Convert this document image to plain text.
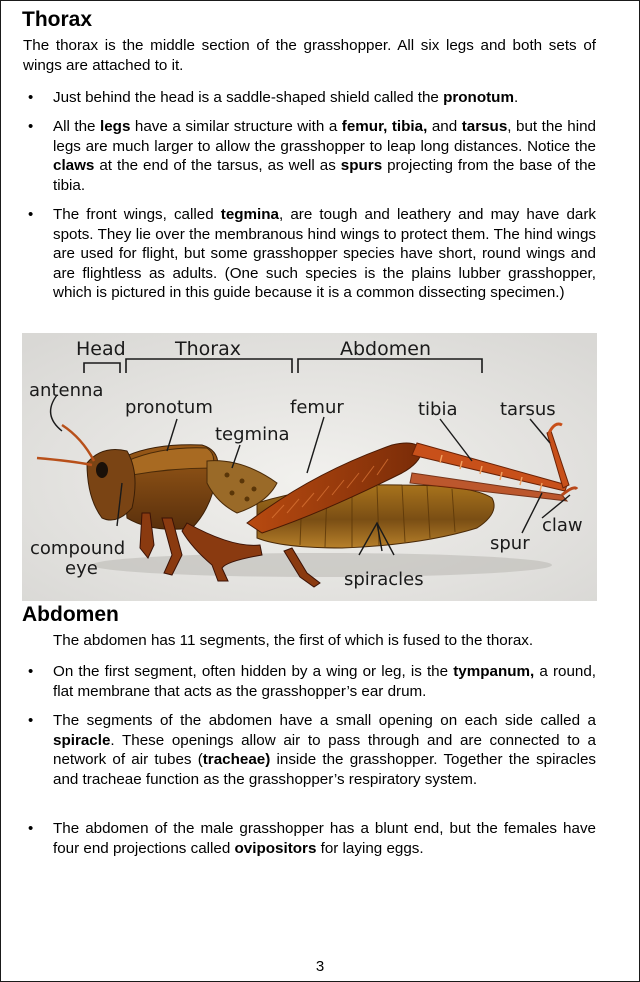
Thorax

The thorax is the middle section of the grasshopper. All six legs and both sets of wings are attached to it.

• Just behind the head is a saddle-shaped shield called the pronotum.

• All the legs have a similar structure with a femur, tibia, and tarsus, but the hind legs are much larger to allow the grasshopper to leap long distances. Notice the claws at the end of the tarsus, as well as spurs projecting from the base of the tibia.

• The front wings, called tegmina, are tough and leathery and may have dark spots. They lie over the membranous hind wings to protect them. The hind wings are used for flight, but some grasshopper species have short, round wings and are flightless as adults. (One such species is the plains lubber grasshopper, which is pictured in this guide because it is a common dissecting specimen.)

Head	Thorax	Abdomen
antenna
pronotum
tegmina
femur	tibia tarsus
compound
eye
spiracles
spur
claw
Abdomen

The abdomen has 11 segments, the first of which is fused to the thorax.

• On the first segment, often hidden by a wing or leg, is the tympanum, a round, flat membrane that acts as the grasshopper’s ear drum.

• The segments of the abdomen have a small opening on each side called a spiracle. These openings allow air to pass through and are connected to a network of air tubes (tracheae) inside the grasshopper. Together the spiracles and tracheae function as the grasshopper’s respiratory system.

• The abdomen of the male grasshopper has a blunt end, but the females have four end projections called ovipositors for laying eggs.

3
